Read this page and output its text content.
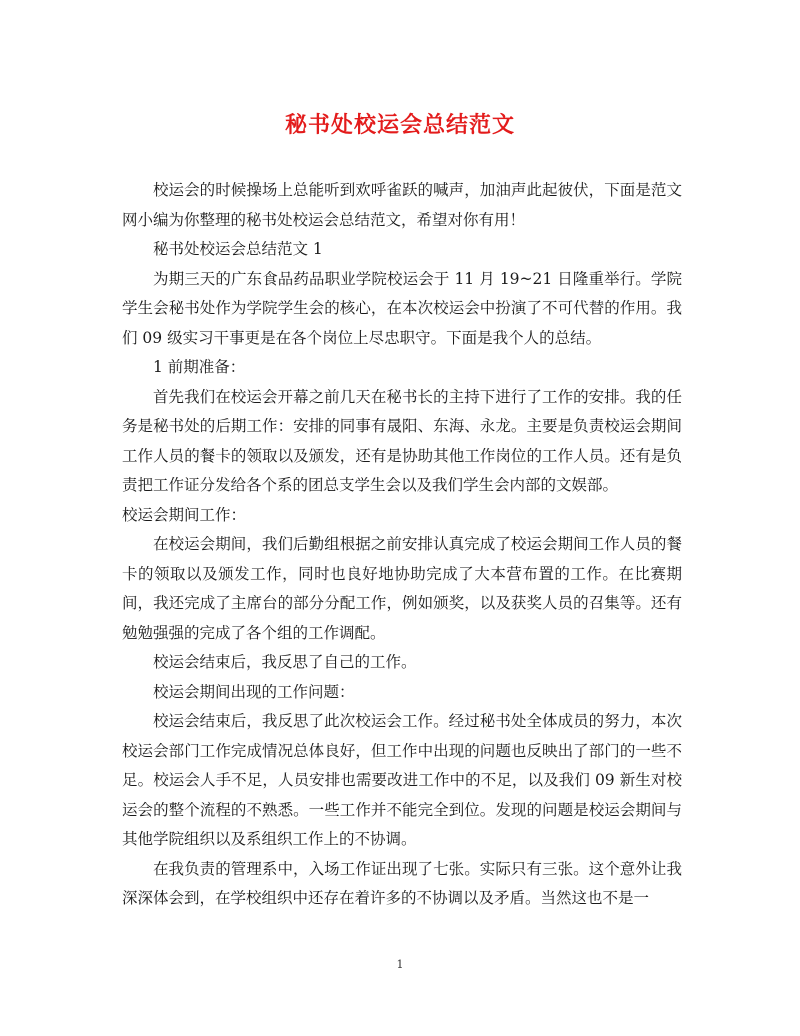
秘书处校运会总结范文

校运会的时候操场上总能听到欢呼雀跃的喊声，加油声此起彼伏，下面是范文网小编为你整理的秘书处校运会总结范文，希望对你有用！

秘书处校运会总结范文 1

为期三天的广东食品药品职业学院校运会于 11 月 19~21 日隆重举行。学院学生会秘书处作为学院学生会的核心，在本次校运会中扮演了不可代替的作用。我们 09 级实习干事更是在各个岗位上尽忠职守。下面是我个人的总结。

1 前期准备：

首先我们在校运会开幕之前几天在秘书长的主持下进行了工作的安排。我的任务是秘书处的后期工作：安排的同事有晟阳、东海、永龙。主要是负责校运会期间工作人员的餐卡的领取以及颁发，还有是协助其他工作岗位的工作人员。还有是负责把工作证分发给各个系的团总支学生会以及我们学生会内部的文娱部。

校运会期间工作：

在校运会期间，我们后勤组根据之前安排认真完成了校运会期间工作人员的餐卡的领取以及颁发工作，同时也良好地协助完成了大本营布置的工作。在比赛期间，我还完成了主席台的部分分配工作，例如颁奖，以及获奖人员的召集等。还有勉勉强强的完成了各个组的工作调配。

校运会结束后，我反思了自己的工作。

校运会期间出现的工作问题：

校运会结束后，我反思了此次校运会工作。经过秘书处全体成员的努力，本次校运会部门工作完成情况总体良好，但工作中出现的问题也反映出了部门的一些不足。校运会人手不足，人员安排也需要改进工作中的不足，以及我们 09 新生对校运会的整个流程的不熟悉。一些工作并不能完全到位。发现的问题是校运会期间与其他学院组织以及系组织工作上的不协调。

在我负责的管理系中，入场工作证出现了七张。实际只有三张。这个意外让我深深体会到，在学校组织中还存在着许多的不协调以及矛盾。当然这也不是一

1
